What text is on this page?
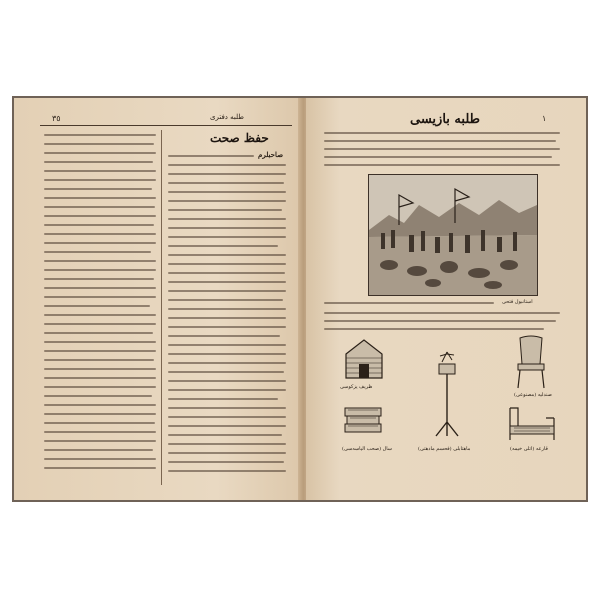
٣٥	طلبه دفتری
حفظ صحت
صاحبلرم
طلبه بازیسی	١
استانبول فتحی
ظریف یزکوسی
صندلیه (مصنوعی)
قارعه (اتلی خیمه)
سال (صحب الیاسه‌سی)	ماهتابلی (فحسم مادهتی)
